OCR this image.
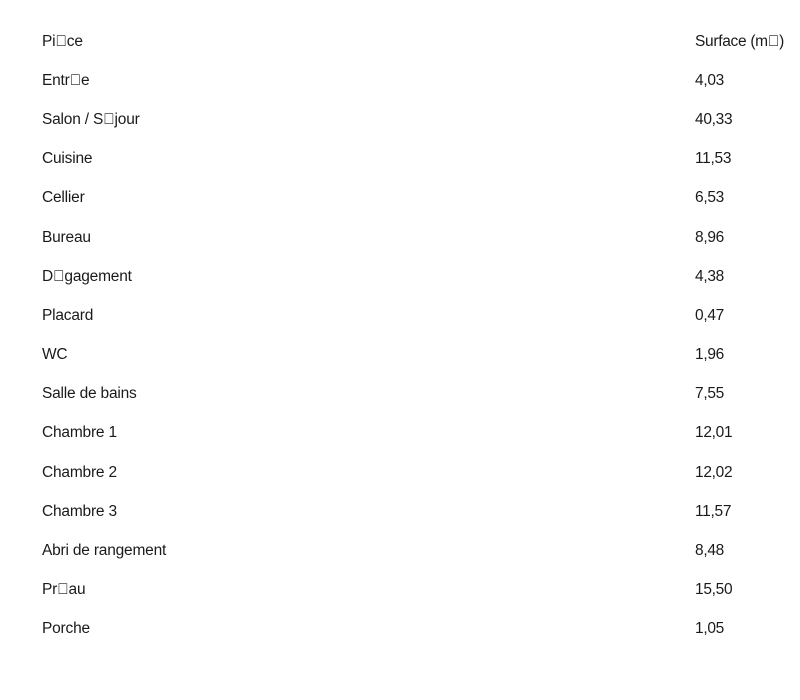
Pi ce	Surface (m )
Entr e	4,03
Salon / S jour	40,33
Cuisine	11,53
Cellier	6,53
Bureau	8,96
D gagement	4,38
Placard	0,47
WC	1,96
Salle de bains	7,55
Chambre 1	12,01
Chambre 2	12,02
Chambre 3	11,57
Abri de rangement	8,48
Pr au	15,50
Porche	1,05
